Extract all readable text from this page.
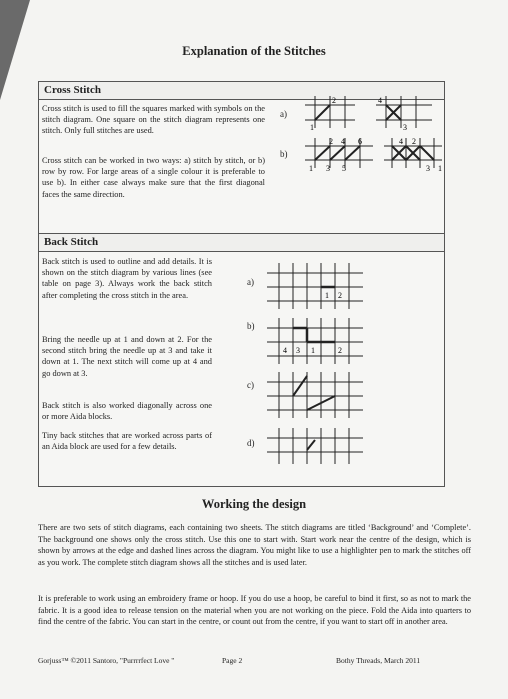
Explanation of the Stitches
Cross Stitch
Cross stitch is used to fill the squares marked with symbols on the stitch diagram. One square on the stitch diagram represents one stitch. Only full stitches are used.
Cross stitch can be worked in two ways: a) stitch by stitch, or b) row by row. For large areas of a single colour it is preferable to use b). In either case always make sure that the first diagonal faces the same direction.
a)
b)
2
1
4
3
2 4 6
1 3 5
4 2
3 1
Back Stitch
Back stitch is used to outline and add details. It is shown on the stitch diagram by various lines (see table on page 3). Always work the back stitch after completing the cross stitch in the area.
Bring the needle up at 1 and down at 2. For the second stitch bring the needle up at 3 and take it down at 1. The next stitch will come up at 4 and go down at 3.
Back stitch is also worked diagonally across one or more Aida blocks.
Tiny back stitches that are worked across parts of an Aida block are used for a few details.
a)
b)
c)
d)
1 2
4 3 1	2
Working the design
There are two sets of stitch diagrams, each containing two sheets. The stitch diagrams are titled ‘Background’ and ‘Complete’. The background one shows only the cross stitch. Use this one to start with. Start work near the centre of the design, which is shown by arrows at the edge and dashed lines across the diagram. You might like to use a highlighter pen to mark the stitches off as you work. The complete stitch diagram shows all the stitches and is used later.
It is preferable to work using an embroidery frame or hoop. If you do use a hoop, be careful to bind it first, so as not to mark the fabric. It is a good idea to release tension on the material when you are not working on the piece. Fold the Aida into quarters to find the centre of the fabric. You can start in the centre, or count out from the centre, if you want to start off in another area.
Gorjuss™ ©2011 Santoro, "Purrrrfect Love "	Page 2	Bothy Threads, March 2011
